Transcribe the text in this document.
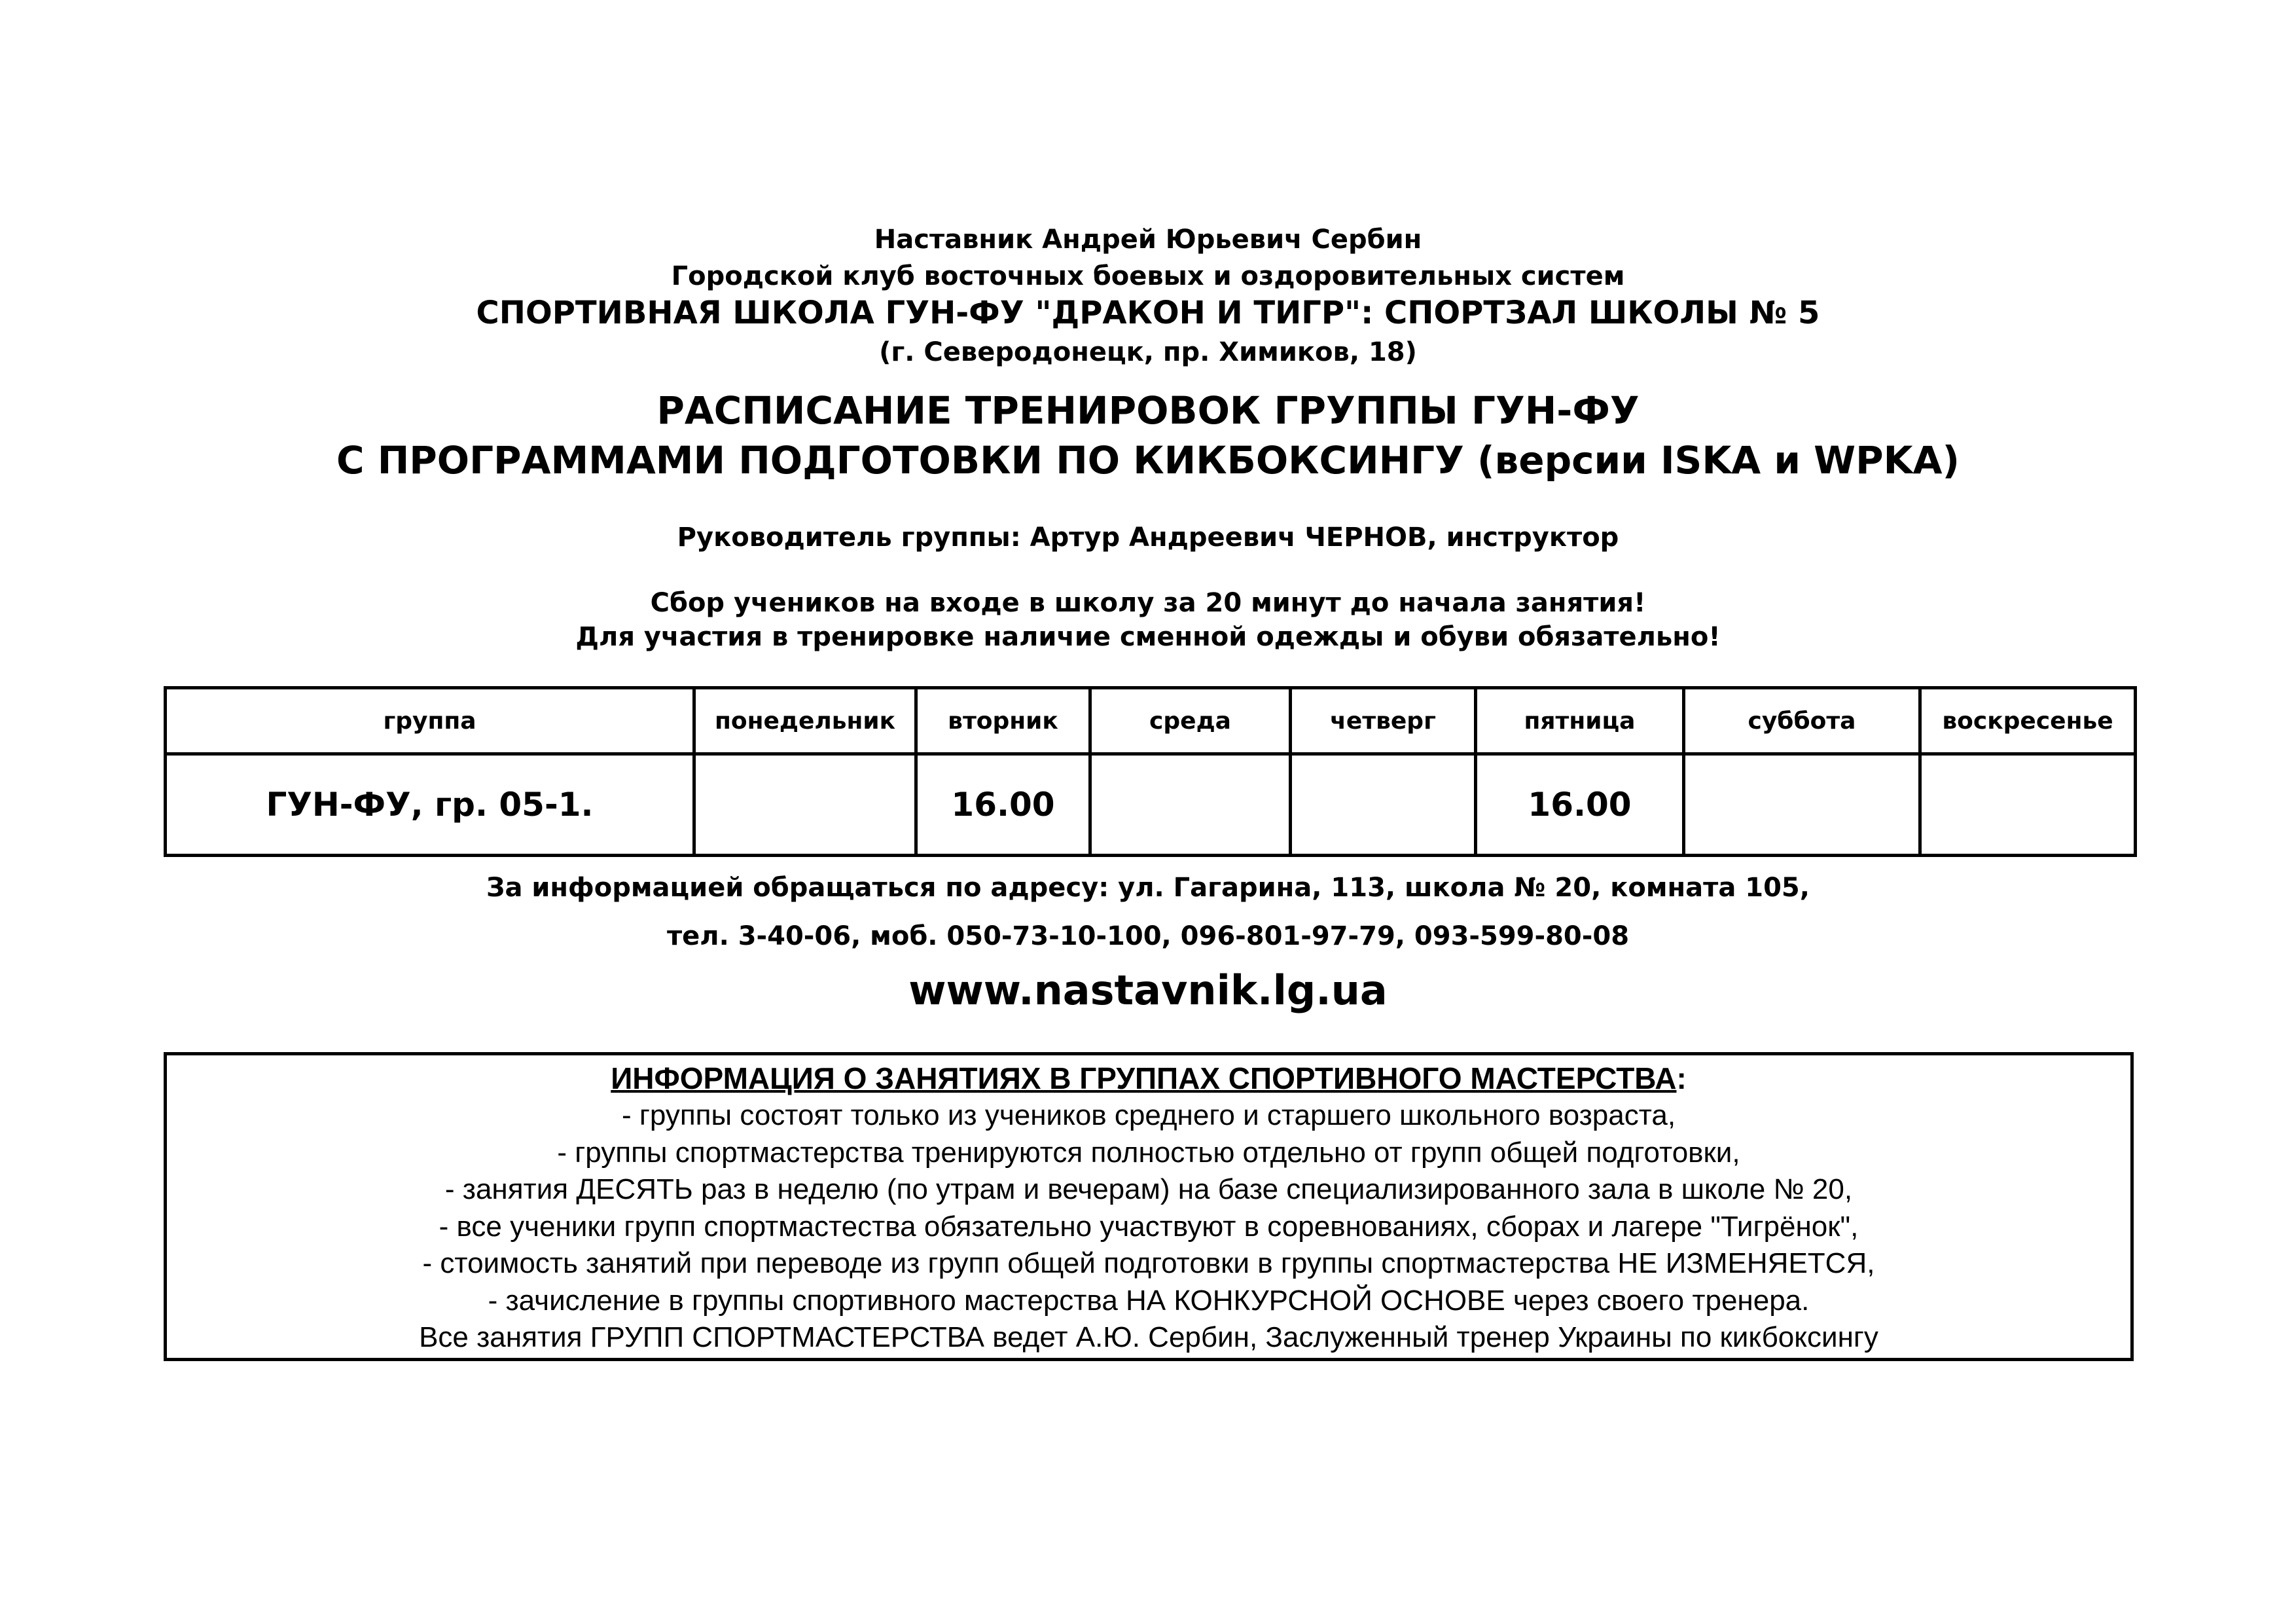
Наставник Андрей Юрьевич Сербин
Городской клуб восточных боевых и оздоровительных систем
СПОРТИВНАЯ ШКОЛА ГУН-ФУ "ДРАКОН И ТИГР": СПОРТЗАЛ ШКОЛЫ № 5
(г. Северодонецк, пр. Химиков, 18)
РАСПИСАНИЕ ТРЕНИРОВОК ГРУППЫ ГУН-ФУ
С ПРОГРАММАМИ ПОДГОТОВКИ ПО КИКБОКСИНГУ (версии ISKA и WPKA)
Руководитель группы: Артур Андреевич ЧЕРНОВ, инструктор
Сбор учеников на входе в школу за 20 минут до начала занятия!
Для участия в тренировке наличие сменной одежды и обуви обязательно!
группа	понедельник	вторник	среда	четверг	пятница	суббота	воскресенье
ГУН-ФУ, гр. 05-1.		16.00			16.00		
За информацией обращаться по адресу: ул. Гагарина, 113, школа № 20, комната 105,
тел. 3-40-06, моб. 050-73-10-100, 096-801-97-79, 093-599-80-08
www.nastavnik.lg.ua
ИНФОРМАЦИЯ О ЗАНЯТИЯХ В ГРУППАХ СПОРТИВНОГО МАСТЕРСТВА:
- группы состоят только из учеников среднего и старшего школьного возраста,
- группы спортмастерства тренируются полностью отдельно от групп общей подготовки,
- занятия ДЕСЯТЬ раз в неделю (по утрам и вечерам) на базе специализированного зала в школе № 20,
- все ученики групп спортмастества обязательно участвуют в соревнованиях, сборах и лагере "Тигрёнок",
- стоимость занятий при переводе из групп общей подготовки в группы спортмастерства НЕ ИЗМЕНЯЕТСЯ,
- зачисление в группы спортивного мастерства НА КОНКУРСНОЙ ОСНОВЕ через своего тренера.
Все занятия ГРУПП СПОРТМАСТЕРСТВА ведет А.Ю. Сербин, Заслуженный тренер Украины по кикбоксингу
